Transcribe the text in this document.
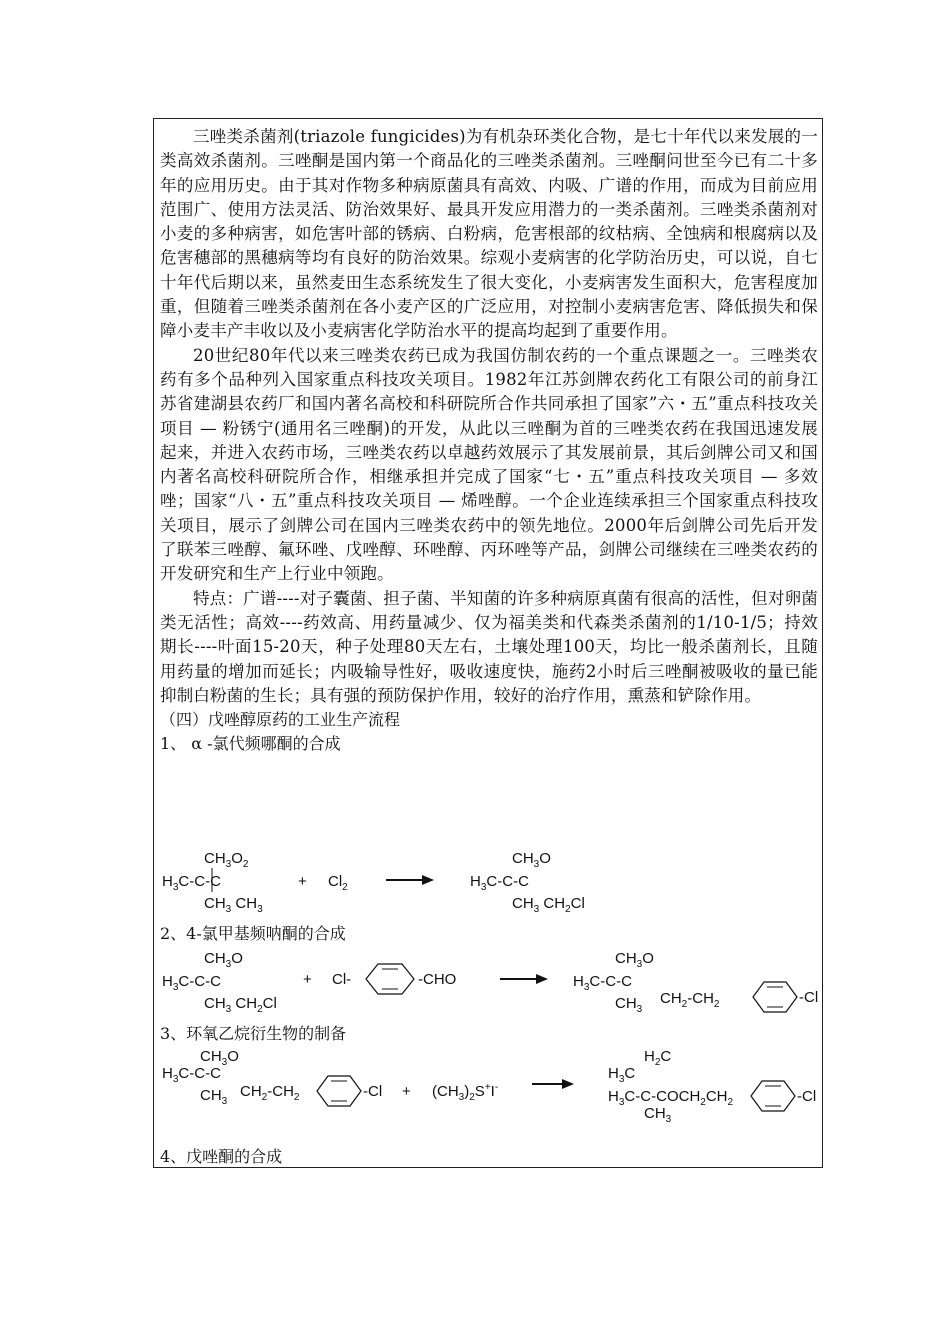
三唑类杀菌剂(triazole fungicides)为有机杂环类化合物，是七十年代以来发展的一类高效杀菌剂。三唑酮是国内第一个商品化的三唑类杀菌剂。三唑酮问世至今已有二十多年的应用历史。由于其对作物多种病原菌具有高效、内吸、广谱的作用，而成为目前应用范围广、使用方法灵活、防治效果好、最具开发应用潜力的一类杀菌剂。三唑类杀菌剂对小麦的多种病害，如危害叶部的锈病、白粉病，危害根部的纹枯病、全蚀病和根腐病以及危害穗部的黑穗病等均有良好的防治效果。综观小麦病害的化学防治历史，可以说，自七十年代后期以来，虽然麦田生态系统发生了很大变化，小麦病害发生面积大，危害程度加重，但随着三唑类杀菌剂在各小麦产区的广泛应用，对控制小麦病害危害、降低损失和保障小麦丰产丰收以及小麦病害化学防治水平的提高均起到了重要作用。

20世纪80年代以来三唑类农药已成为我国仿制农药的一个重点课题之一。三唑类农药有多个品种列入国家重点科技攻关项目。1982年江苏剑牌农药化工有限公司的前身江苏省建湖县农药厂和国内著名高校和科研院所合作共同承担了国家”六・五”重点科技攻关项目 — 粉锈宁(通用名三唑酮)的开发，从此以三唑酮为首的三唑类农药在我国迅速发展起来，并进入农药市场，三唑类农药以卓越药效展示了其发展前景，其后剑牌公司又和国内著名高校科研院所合作，相继承担并完成了国家“七・五”重点科技攻关项目 — 多效唑；国家“八・五”重点科技攻关项目 — 烯唑醇。一个企业连续承担三个国家重点科技攻关项目，展示了剑牌公司在国内三唑类农药中的领先地位。2000年后剑牌公司先后开发了联苯三唑醇、氟环唑、戊唑醇、环唑醇、丙环唑等产品，剑牌公司继续在三唑类农药的开发研究和生产上行业中领跑。

特点：广谱----对子囊菌、担子菌、半知菌的许多种病原真菌有很高的活性，但对卵菌类无活性；高效----药效高、用药量减少、仅为福美类和代森类杀菌剂的1/10-1/5；持效期长----叶面15-20天，种子处理80天左右，土壤处理100天，均比一般杀菌剂长，且随用药量的增加而延长；内吸输导性好，吸收速度快，施药2小时后三唑酮被吸收的量已能抑制白粉菌的生长；具有强的预防保护作用，较好的治疗作用，熏蒸和铲除作用。

（四）戊唑醇原药的工业生产流程

1、 α -氯代频哪酮的合成

$CH_3O_2$
$H_3C-C-C$
$CH_3$ $CH_3$
+ $Cl_2$
$CH_3O$
$H_3C-C-C$
$CH_3$ $CH_2Cl$

2、4-氯甲基频呐酮的合成

$CH_3O$
$H_3C-C-C$
$CH_3$ $CH_2Cl$
+ Cl-	-CHO
$CH_3O$
$H_3C-C-C$
$CH_3$
$CH_2-CH_2$	-Cl

3、环氧乙烷衍生物的制备

$CH_3O$
$H_3C-C-C$
$CH_3$
$CH_2-CH_2$	$-Cl + (CH_3)_2S^+I^-$
$H_2C$
$H_3C$
$H_3C-C-COCH_2CH_2$
$CH_3$
-Cl

4、戊唑酮的合成
